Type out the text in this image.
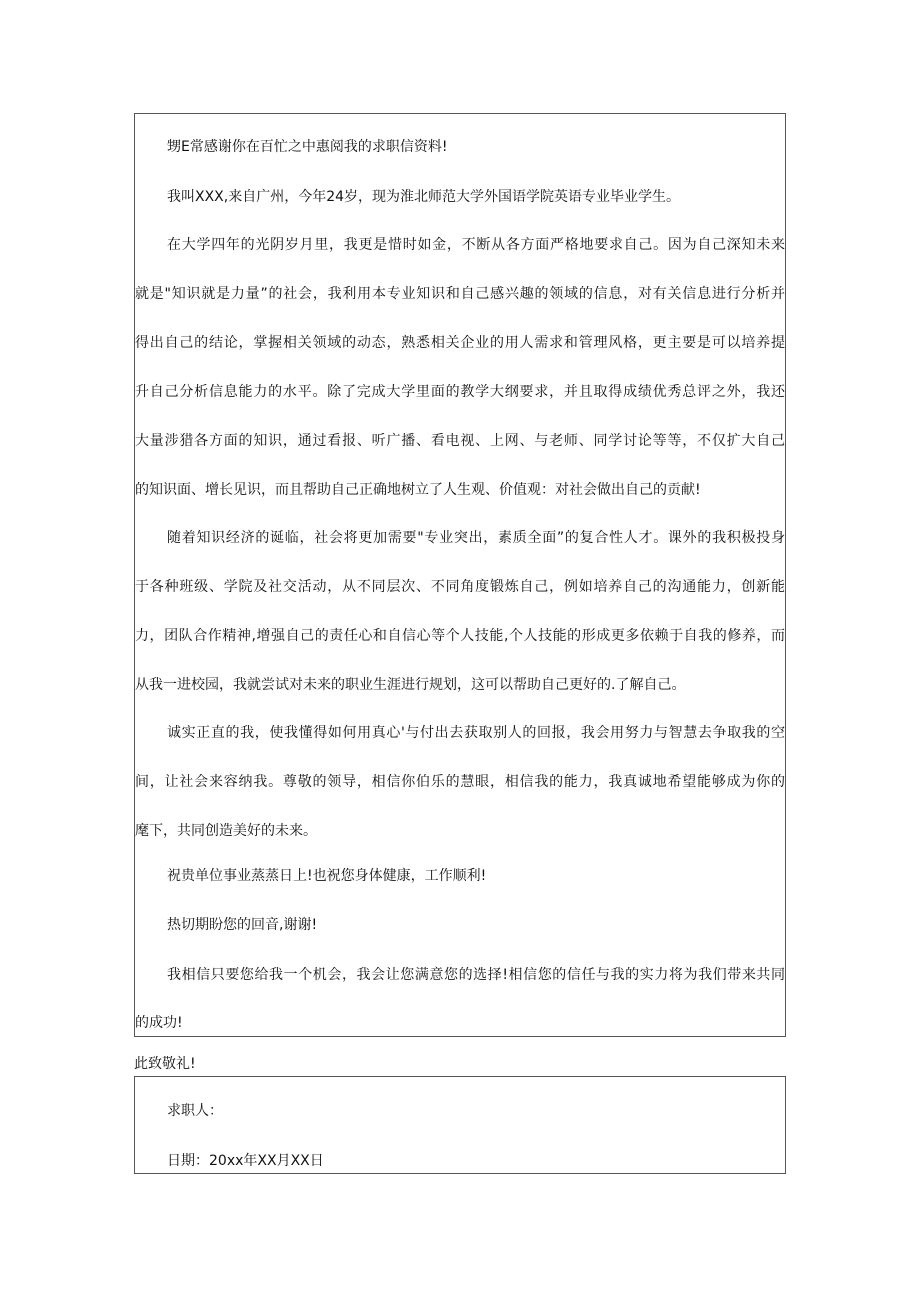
甥E常感谢你在百忙之中惠阅我的求职信资料!
我叫XXX,来自广州，今年24岁，现为淮北师范大学外国语学院英语专业毕业学生。
在大学四年的光阴岁月里，我更是惜时如金，不断从各方面严格地要求自己。因为自己深知未来
就是"知识就是力量”的社会，我利用本专业知识和自己感兴趣的领域的信息，对有关信息进行分析并
得出自己的结论，掌握相关领域的动态，熟悉相关企业的用人需求和管理风格，更主要是可以培养提
升自己分析信息能力的水平。除了完成大学里面的教学大纲要求，并且取得成绩优秀总评之外，我还
大量涉猎各方面的知识，通过看报、听广播、看电视、上网、与老师、同学讨论等等，不仅扩大自己
的知识面、增长见识，而且帮助自己正确地树立了人生观、价值观：对社会做出自己的贡献!
随着知识经济的诞临，社会将更加需要"专业突出，素质全面”的复合性人才。课外的我积极投身
于各种班级、学院及社交活动，从不同层次、不同角度锻炼自己，例如培养自己的沟通能力，创新能
力，团队合作精神,增强自己的责任心和自信心等个人技能,个人技能的形成更多依赖于自我的修养，而
从我一进校园，我就尝试对未来的职业生涯进行规划，这可以帮助自己更好的.了解自己。
诚实正直的我，使我懂得如何用真心'与付出去获取别人的回报，我会用努力与智慧去争取我的空
间，让社会来容纳我。尊敬的领导，相信你伯乐的慧眼，相信我的能力，我真诚地希望能够成为你的
麾下，共同创造美好的未来。
祝贵单位事业蒸蒸日上!也祝您身体健康，工作顺利!
热切期盼您的回音,谢谢!
我相信只要您给我一个机会，我会让您满意您的选择!相信您的信任与我的实力将为我们带来共同
的成功!
此致敬礼!
求职人：
日期：20xx年XX月XX日
